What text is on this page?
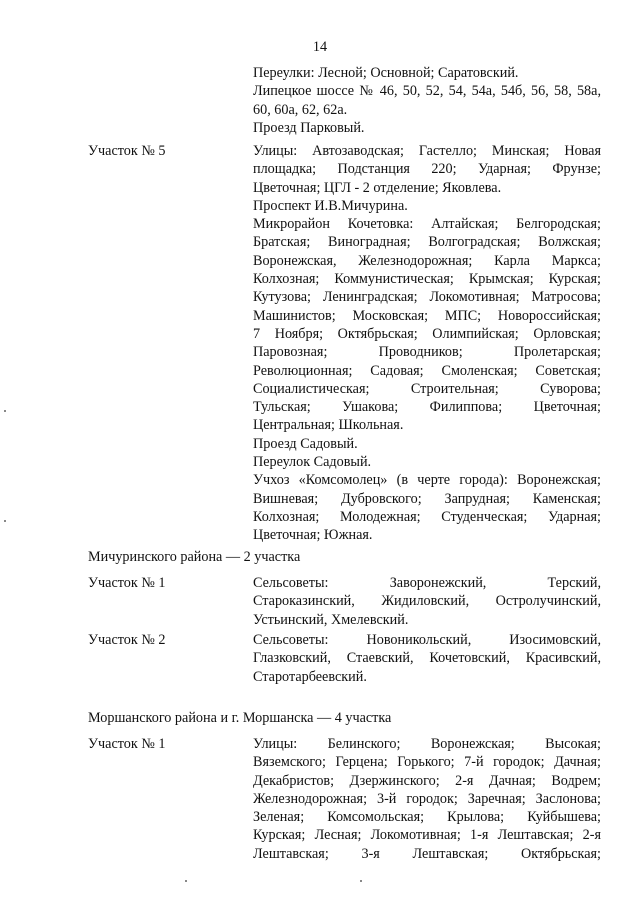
14
Переулки: Лесной; Основной; Саратовский.
Липецкое шоссе № 46, 50, 52, 54, 54а, 54б, 56, 58, 58а,
60, 60а, 62, 62а.
Проезд Парковый.
Участок № 5	Улицы: Автозаводская; Гастелло; Минская; Новая
площадка; Подстанция 220; Ударная; Фрунзе;
Цветочная; ЦГЛ - 2 отделение; Яковлева.
Проспект И.В.Мичурина.
Микрорайон Кочетовка: Алтайская; Белгородская;
Братская; Виноградная; Волгоградская; Волжская;
Воронежская, Железнодорожная; Карла Маркса;
Колхозная; Коммунистическая; Крымская; Курская;
Кутузова; Ленинградская; Локомотивная; Матросова;
Машинистов; Московская; МПС; Новороссийская;
7 Ноября; Октябрьская; Олимпийская; Орловская;
Паровозная; Проводников; Пролетарская;
Революционная; Садовая; Смоленская; Советская;
Социалистическая; Строительная; Суворова;
Тульская; Ушакова; Филиппова; Цветочная;
Центральная; Школьная.
Проезд Садовый.
Переулок Садовый.
Учхоз «Комсомолец» (в черте города): Воронежская;
Вишневая; Дубровского; Запрудная; Каменская;
Колхозная; Молодежная; Студенческая; Ударная;
Цветочная; Южная.
Мичуринского района — 2 участка
Участок № 1	Сельсоветы: Заворонежский, Терский,
Староказинский, Жидиловский, Остролучинский,
Устьинский, Хмелевский.
Участок № 2	Сельсоветы: Новоникольский, Изосимовский,
Глазковский, Стаевский, Кочетовский, Красивский,
Старотарбеевский.
Моршанского района и г. Моршанска — 4 участка
Участок № 1	Улицы: Белинского; Воронежская; Высокая;
Вяземского; Герцена; Горького; 7-й городок; Дачная;
Декабристов; Дзержинского; 2-я Дачная; Водрем;
Железнодорожная; 3-й городок; Заречная; Заслонова;
Зеленая; Комсомольская; Крылова; Куйбышева;
Курская; Лесная; Локомотивная; 1-я Лештавская; 2-я
Лештавская; 3-я Лештавская; Октябрьская;
